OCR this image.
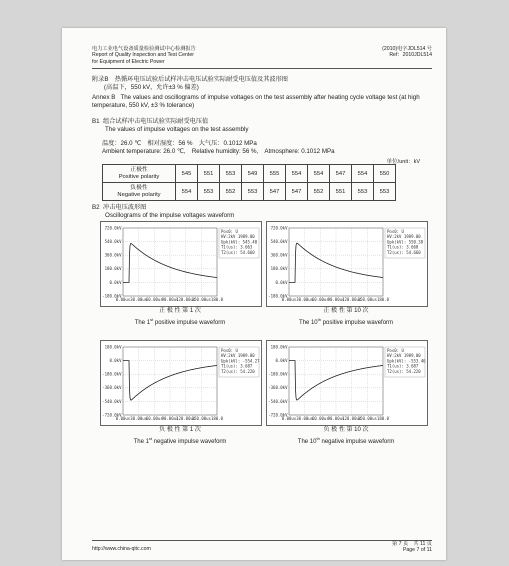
电力工业电气设备质量检验测试中心检测报告
Report of Quality Inspection and Test Center
for Equipment of Electric Power
(2010)电字JDL514 号
Ref：2010JDL514
附录B　热循环电压试验后试样冲击电压试验实际耐受电压值及其波形图
(高温下，550 kV，允许±3 % 偏差)
Annex B The values and oscillograms of impulse voltages on the test assembly after heating cycle voltage test (at high temperature, 550 kV, ±3 % tolerance)
B1 组合试样冲击电压试验实际耐受电压值
The values of impulse voltages on the test assembly
温度：26.0 ℃　相对湿度：56 %　大气压：0.1012 MPa
Ambient temperature: 26.0 ℃,　Relative humidity: 56 %,　Atmosphere: 0.1012 MPa
单位/unit：kV
正极性
Positive polarity	545	551	553	549	555	554	554	547	554	550

负极性
Negative polarity	554	553	552	553	547	547	552	551	553	553
B2 冲击电压波形图
Oscillograms of the impulse voltages waveform
720.0kV
540.0kV
360.0kV
180.0kV
0.0kV
-180.0kV
0.00us 30.00us
60.00us
90.00us
120.00us
150.00us 180.0
Pos0: U
HV:2kV 1989.00
Upk(kV): 545.40
T1(us): 3.663
T2(us): 54.660
720.0kV
540.0kV
360.0kV
180.0kV
0.0kV
-180.0kV
0.00us 30.00us
60.00us
90.00us
120.00us
150.00us 180.0
Pos0: U
HV:2kV 1989.00
Upk(kV): 550.38
T1(us): 3.660
T2(us): 54.660
正 极 性 第 1 次
The 1st positive impulse waveform
正 极 性 第 10 次
The 10th positive impulse waveform
180.0kV
0.0kV
-180.0kV
-360.0kV
-540.0kV
-720.0kV
0.00us 30.00us
60.00us
90.00us
120.00us
150.00us 180.0
Pos0: U
HV:2kV 1989.00
Upk(kV): -554.27
T1(us): 3.687
T2(us): 54.220
180.0kV
0.0kV
-180.0kV
-360.0kV
-540.0kV
-720.0kV
0.00us 30.00us
60.00us
90.00us
120.00us
150.00us 180.0
Pos0: U
HV:2kV 1989.00
Upk(kV): -553.46
T1(us): 3.687
T2(us): 54.220
负 极 性 第 1 次
The 1st negative impulse waveform
负 极 性 第 10 次
The 10th negative impulse waveform
http://www.china-qitc.com
第 7 页　共 11 页
Page 7 of 11
